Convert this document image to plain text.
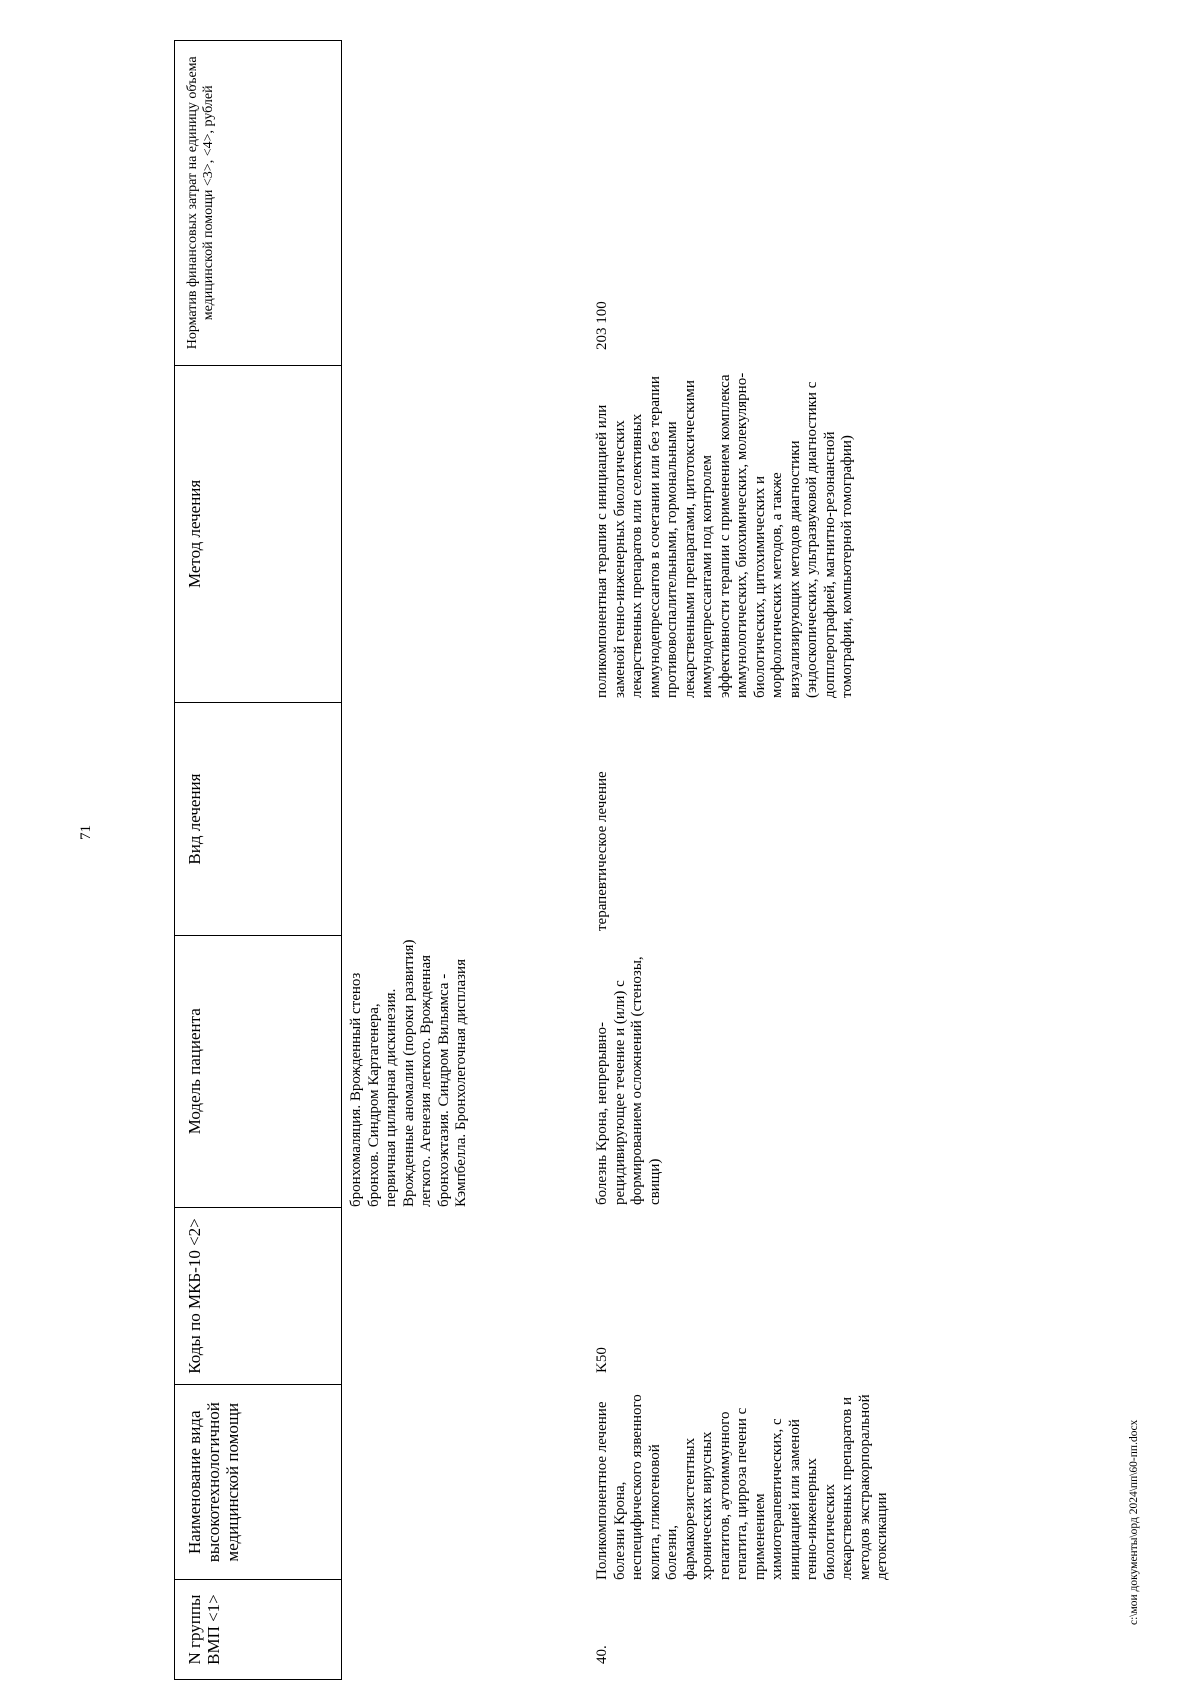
71
c:\мои документы\орд 2024\пп\60-пп.docx
N группы ВМП <1>
Наименование вида высокотехнологичной медицинской помощи
Коды по МКБ-10 <2>
Модель пациента
Вид лечения
Метод лечения
Норматив финансовых затрат на единицу объема медицинской помощи <3>, <4>, рублей
бронхомаляция. Врожденный стеноз бронхов. Синдром Картагенера, первичная цилиарная дискинезия. Врожденные аномалии (пороки развития) легкого. Агенезия легкого. Врожденная бронхоэктазия. Синдром Вильямса - Кэмпбелла. Бронхолегочная дисплазия
40.
Поликомпонентное лечение болезни Крона, неспецифического язвенного колита, гликогеновой болезни, фармакорезистентных хронических вирусных гепатитов, аутоиммунного гепатита, цирроза печени с применением химиотерапевтических, с инициацией или заменой генно-инженерных биологических лекарственных препаратов и методов экстракорпоральной детоксикации
K50
болезнь Крона, непрерывно-рецидивирующее течение и (или) с формированием осложнений (стенозы, свищи)
терапевтическое лечение
поликомпонентная терапия с инициацией или заменой генно-инженерных биологических лекарственных препаратов или селективных иммунодепрессантов в сочетании или без терапии противовоспалительными, гормональными лекарственными препаратами, цитотоксическими иммунодепрессантами под контролем эффективности терапии с применением комплекса иммунологических, биохимических, молекулярно-биологических, цитохимических и морфологических методов, а также визуализирующих методов диагностики (эндоскопических, ультразвуковой диагностики с допплерографией, магнитно-резонансной томографии, компьютерной томографии)
203 100
